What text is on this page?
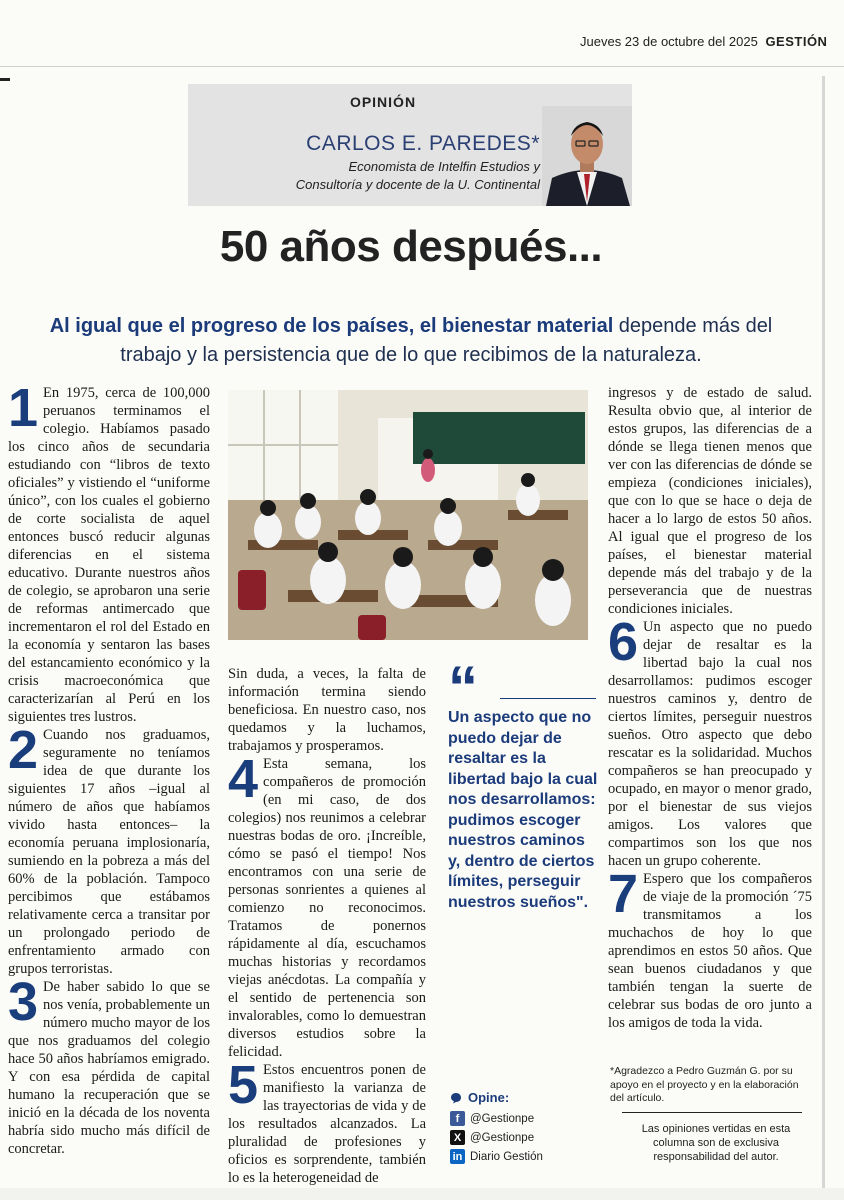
Jueves 23 de octubre del 2025 GESTIÓN
OPINIÓN
CARLOS E. PAREDES*
Economista de Intelfin Estudios y
Consultoría y docente de la U. Continental
50 años después...
Al igual que el progreso de los países, el bienestar material depende más del trabajo y la persistencia que de lo que recibimos de la naturaleza.

1 En 1975, cerca de 100,000 peruanos terminamos el colegio. Habíamos pasado los cinco años de secundaria estudiando con “libros de texto oficiales” y vistiendo el “uniforme único”, con los cuales el gobierno de corte socialista de aquel entonces buscó reducir algunas diferencias en el sistema educativo. Durante nuestros años de colegio, se aprobaron una serie de reformas antimercado que incrementaron el rol del Estado en la economía y sentaron las bases del estancamiento económico y la crisis macroeconómica que caracterizarían al Perú en los siguientes tres lustros.

2 Cuando nos graduamos, seguramente no teníamos idea de que durante los siguientes 17 años –igual al número de años que habíamos vivido hasta entonces– la economía peruana implosionaría, sumiendo en la pobreza a más del 60% de la población. Tampoco percibimos que estábamos relativamente cerca a transitar por un prolongado periodo de enfrentamiento armado con grupos terroristas.

3 De haber sabido lo que se nos venía, probablemente un número mucho mayor de los que nos graduamos del colegio hace 50 años habríamos emigrado. Y con esa pérdida de capital humano la recuperación que se inició en la década de los noventa habría sido mucho más difícil de concretar.

Sin duda, a veces, la falta de información termina siendo beneficiosa. En nuestro caso, nos quedamos y la luchamos, trabajamos y prosperamos.

4 Esta semana, los compañeros de promoción (en mi caso, de dos colegios) nos reunimos a celebrar nuestras bodas de oro. ¡Increíble, cómo se pasó el tiempo! Nos encontramos con una serie de personas sonrientes a quienes al comienzo no reconocimos. Tratamos de ponernos rápidamente al día, escuchamos muchas historias y recordamos viejas anécdotas. La compañía y el sentido de pertenencia son invalorables, como lo demuestran diversos estudios sobre la felicidad.

5 Estos encuentros ponen de manifiesto la varianza de las trayectorias de vida y de los resultados alcanzados. La pluralidad de profesiones y oficios es sorprendente, también lo es la heterogeneidad de

“
Un aspecto que no puedo dejar de resaltar es la libertad bajo la cual nos desarrollamos: pudimos escoger nuestros caminos y, dentro de ciertos límites, perseguir nuestros sueños".
Opine:
f @Gestionpe
X @Gestionpe
in Diario Gestión

ingresos y de estado de salud. Resulta obvio que, al interior de estos grupos, las diferencias de a dónde se llega tienen menos que ver con las diferencias de dónde se empieza (condiciones iniciales), que con lo que se hace o deja de hacer a lo largo de estos 50 años. Al igual que el progreso de los países, el bienestar material depende más del trabajo y de la perseverancia que de nuestras condiciones iniciales.

6 Un aspecto que no puedo dejar de resaltar es la libertad bajo la cual nos desarrollamos: pudimos escoger nuestros caminos y, dentro de ciertos límites, perseguir nuestros sueños. Otro aspecto que debo rescatar es la solidaridad. Muchos compañeros se han preocupado y ocupado, en mayor o menor grado, por el bienestar de sus viejos amigos. Los valores que compartimos son los que nos hacen un grupo coherente.

7 Espero que los compañeros de viaje de la promoción ´75 transmitamos a los muchachos de hoy lo que aprendimos en estos 50 años. Que sean buenos ciudadanos y que también tengan la suerte de celebrar sus bodas de oro junto a los amigos de toda la vida.

*Agradezco a Pedro Guzmán G. por su apoyo en el proyecto y en la elaboración del artículo.
Las opiniones vertidas en esta columna son de exclusiva responsabilidad del autor.
